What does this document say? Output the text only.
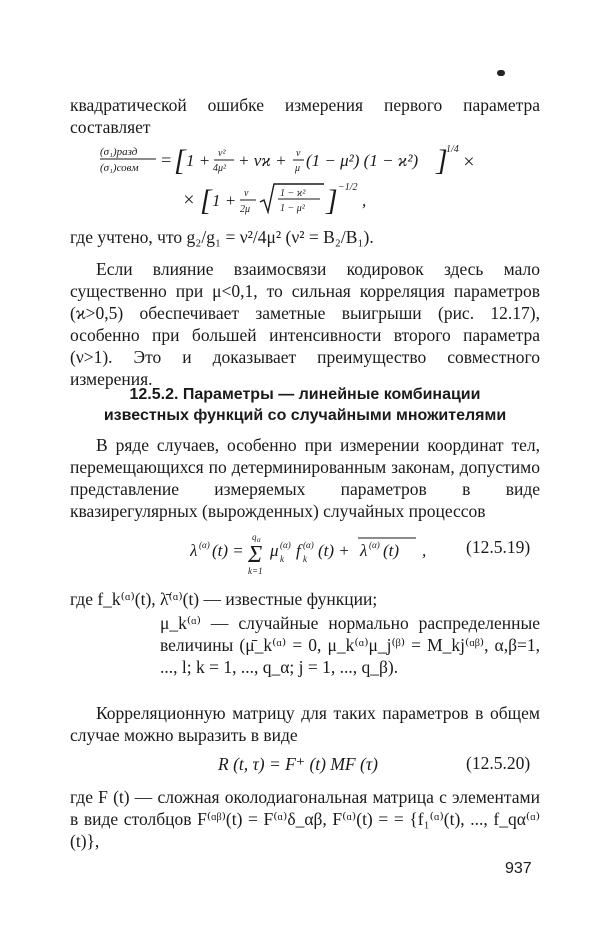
квадратической ошибке измерения первого параметра составляет
(σ₁)разд
(σ₁)совм = [ 1 + ν²
4μ² + νϰ + ν
μ (1 − μ²) (1 − ϰ²) ]
1/4
×
× [ 1 + ν
2μ
1 − ϰ²
1 − μ² ] −1/2
,
где учтено, что g₂/g₁ = ν²/4μ² (ν² = B₂/B₁).
Если влияние взаимосвязи кодировок здесь мало существенно при μ<0,1, то сильная корреляция параметров (ϰ>0,5) обеспечивает заметные выигрыши (рис. 12.17), особенно при большей интенсивности второго параметра (ν>1). Это и доказывает преимущество совместного измерения.
12.5.2. Параметры — линейные комбинации
известных функций со случайными множителями
В ряде случаев, особенно при измерении координат тел, перемещающихся по детерминированным законам, допустимо представление измеряемых параметров в виде квазирегулярных (вырожденных) случайных процессов
λ (α) (t) =
q α
Σ
k=1
μ (α)
k f (α)
k (t) + λ (α) (t) , (12.5.19)
где f_k⁽ᵅ⁾(t), λ̄⁽ᵅ⁾(t) — известные функции;
μ_k⁽ᵅ⁾ — случайные нормально распределенные величины (μ̄_k⁽ᵅ⁾ = 0, μ_k⁽ᵅ⁾μ_j⁽ᵝ⁾ = M_kj⁽ᵅᵝ⁾, α,β=1, ..., l; k = 1, ..., q_α; j = 1, ..., q_β).
Корреляционную матрицу для таких параметров в общем случае можно выразить в виде
R (t, τ) = F⁺ (t) MF (τ)	(12.5.20)
где F (t) — сложная околодиагональная матрица с элементами в виде столбцов F⁽ᵅᵝ⁾(t) = F⁽ᵅ⁾δ_αβ, F⁽ᵅ⁾(t) = = {f₁⁽ᵅ⁾(t), ..., f_qα⁽ᵅ⁾(t)},
937
